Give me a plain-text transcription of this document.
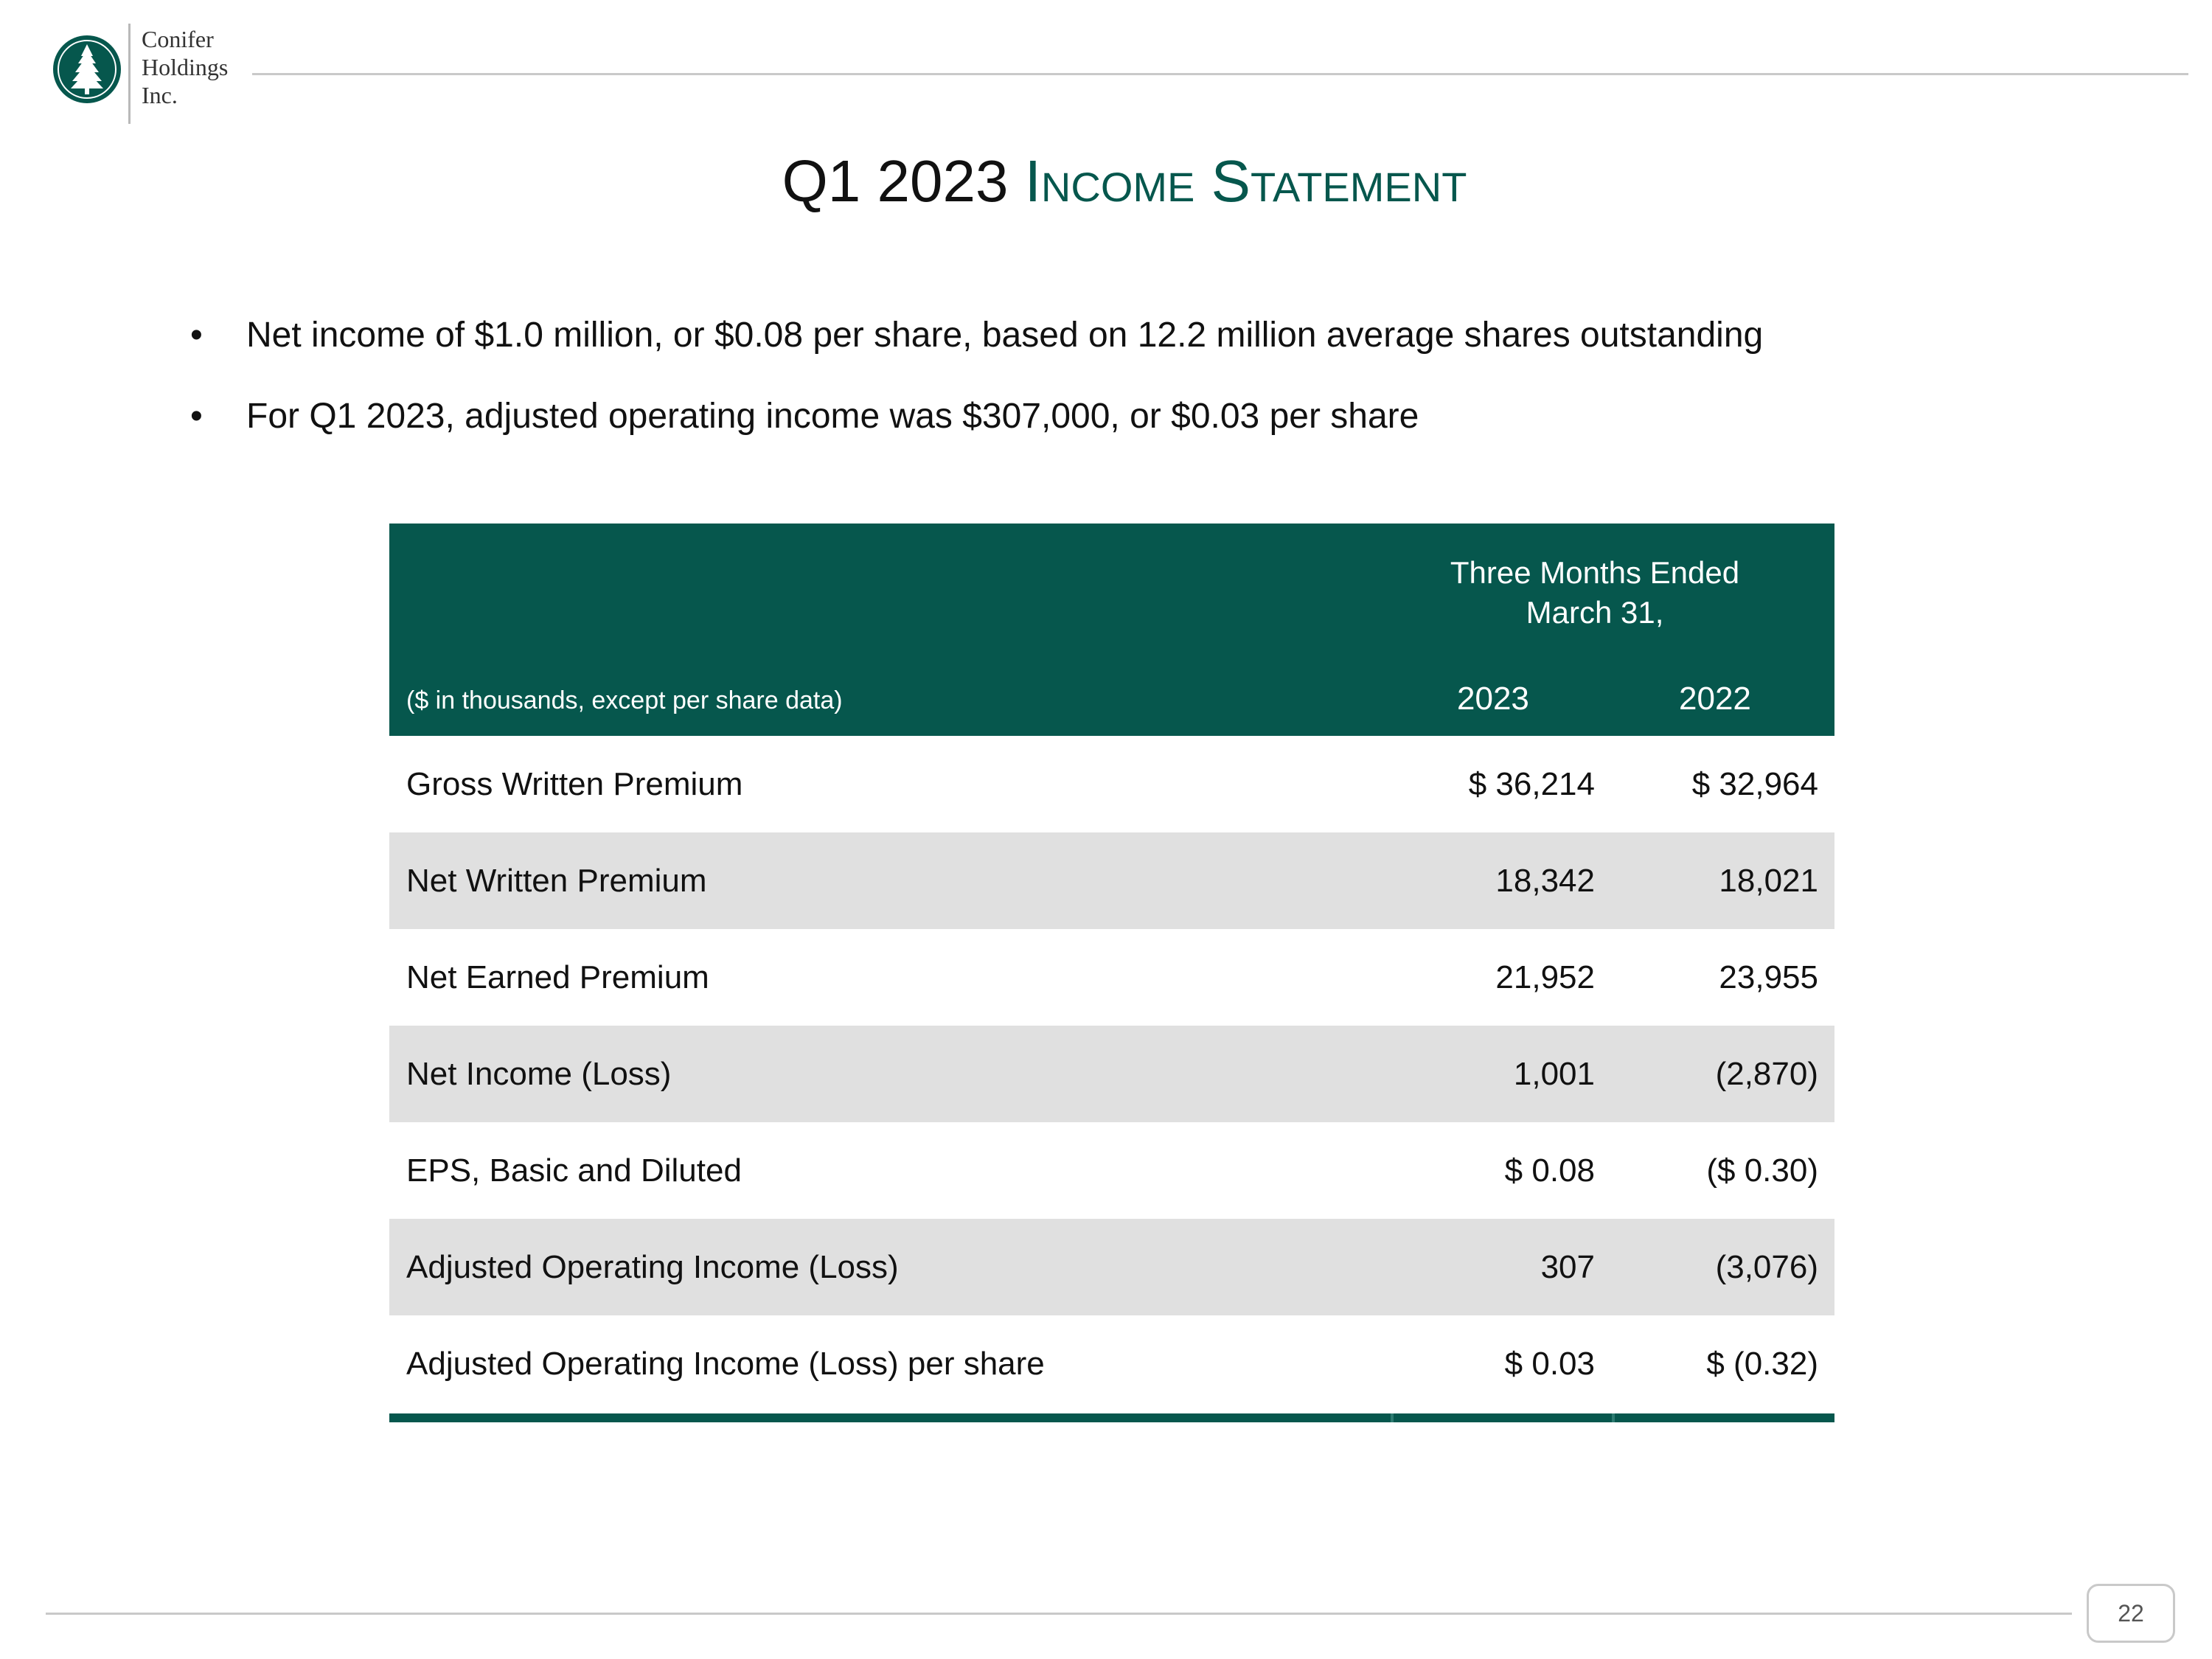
Conifer
Holdings
Inc.
Q1 2023 Income Statement
•	Net income of $1.0 million, or $0.08 per share, based on 12.2 million average shares outstanding
•	For Q1 2023, adjusted operating income was $307,000, or $0.03 per share
Three Months Ended
March 31,
($ in thousands, except per share data)	2023	2022
Gross Written Premium	$ 36,214	$ 32,964
Net Written Premium	18,342	18,021
Net Earned Premium	21,952	23,955
Net Income (Loss)	1,001	(2,870)
EPS, Basic and Diluted	$ 0.08	($ 0.30)
Adjusted Operating Income (Loss)	307	(3,076)
Adjusted Operating Income (Loss) per share	$ 0.03	$ (0.32)
22
